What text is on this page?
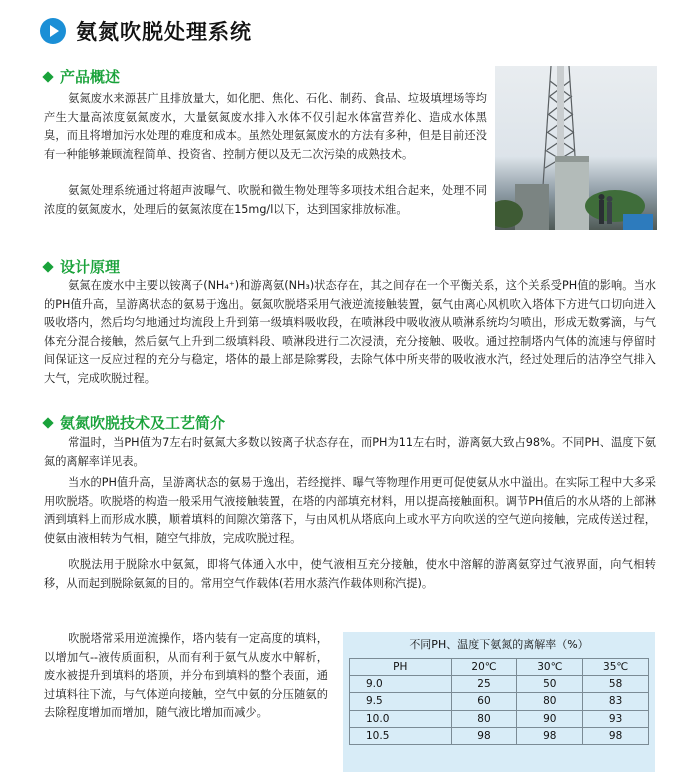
氨氮吹脱处理系统
产品概述

氨氮废水来源甚广且排放量大，如化肥、焦化、石化、制药、食品、垃圾填埋场等均产生大量高浓度氨氮废水，大量氨氮废水排入水体不仅引起水体富营养化、造成水体黑臭，而且将增加污水处理的难度和成本。虽然处理氨氮废水的方法有多种，但是目前还没有一种能够兼顾流程简单、投资省、控制方便以及无二次污染的成熟技术。

氨氮处理系统通过将超声波曝气、吹脱和微生物处理等多项技术组合起来，处理不同浓度的氨氮废水，处理后的氨氮浓度在15mg/l以下，达到国家排放标准。

设计原理

氨氮在废水中主要以铵离子(NH₄⁺)和游离氨(NH₃)状态存在，其之间存在一个平衡关系，这个关系受PH值的影响。当水的PH值升高，呈游离状态的氨易于逸出。氨氮吹脱塔采用气液逆流接触装置，氨气由离心风机吹入塔体下方进气口切向进入吸收塔内，然后均匀地通过均流段上升到第一级填料吸收段，在喷淋段中吸收液从喷淋系统均匀喷出，形成无数雾滴，与气体充分混合接触，然后氨气上升到二级填料段、喷淋段进行二次浸渍，充分接触、吸收。通过控制塔内气体的流速与停留时间保证这一反应过程的充分与稳定，塔体的最上部是除雾段，去除气体中所夹带的吸收液水汽，经过处理后的洁净空气排入大气，完成吹脱过程。

氨氮吹脱技术及工艺简介

常温时，当PH值为7左右时氨氮大多数以铵离子状态存在，而PH为11左右时，游离氨大致占98%。不同PH、温度下氨氮的离解率详见表。

当水的PH值升高，呈游离状态的氨易于逸出，若经搅拌、曝气等物理作用更可促使氨从水中溢出。在实际工程中大多采用吹脱塔。吹脱塔的构造一般采用气液接触装置，在塔的内部填充材料，用以提高接触面积。调节PH值后的水从塔的上部淋洒到填料上而形成水膜，顺着填料的间隙次第落下，与由风机从塔底向上或水平方向吹送的空气逆向接触，完成传送过程，使氨由液相转为气相，随空气排放，完成吹脱过程。

吹脱法用于脱除水中氨氮，即将气体通入水中，使气液相互充分接触，使水中溶解的游离氨穿过气液界面，向气相转移，从而起到脱除氨氮的目的。常用空气作载体(若用水蒸汽作载体则称汽提)。

吹脱塔常采用逆流操作，塔内装有一定高度的填料，以增加气--液传质面积，从而有利于氨气从废水中解析，废水被提升到填料的塔顶，并分布到填料的整个表面，通过填料往下流，与气体逆向接触，空气中氨的分压随氨的去除程度增加而增加，随气液比增加而减少。

不同PH、温度下氨氮的离解率（%）
PH	20℃	30℃	35℃
9.0	25	50	58
9.5	60	80	83
10.0	80	90	93
10.5	98	98	98
